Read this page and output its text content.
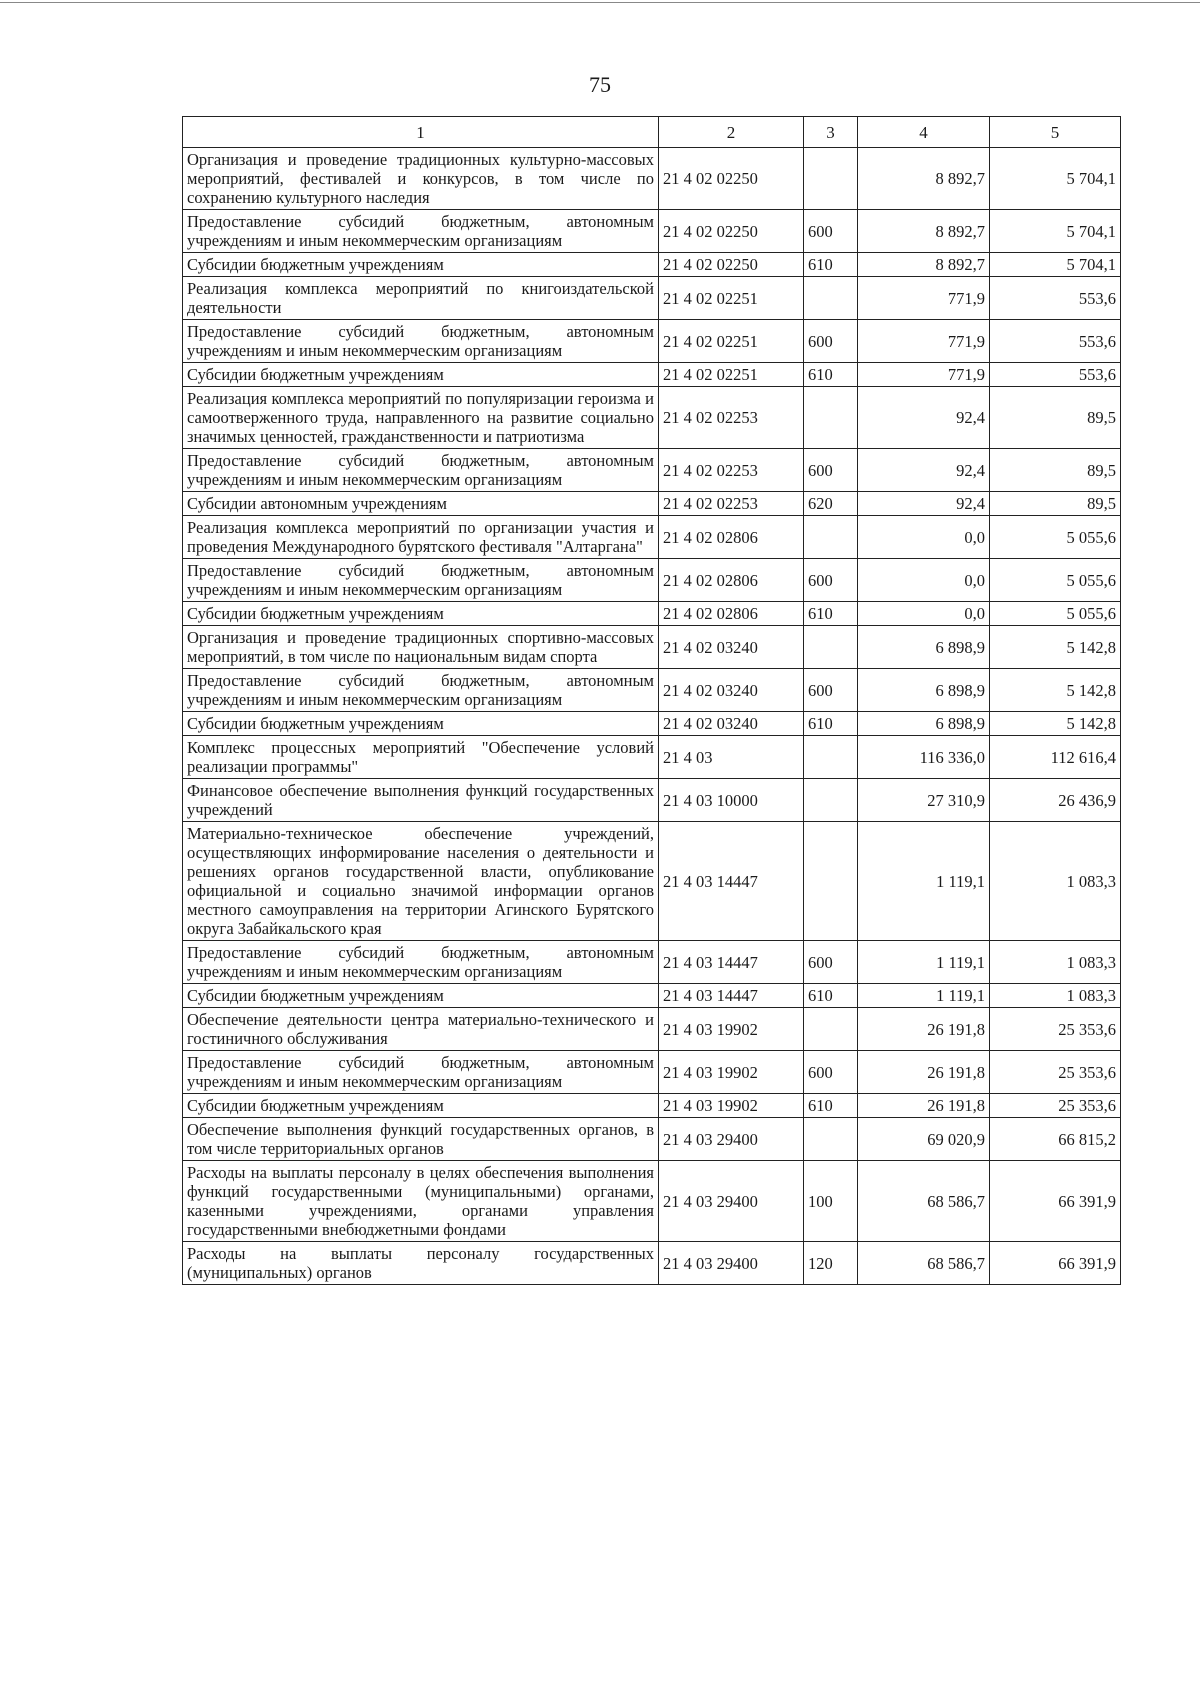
75
1	2	3	4	5
Организация и проведение традиционных культурно-массовых мероприятий, фестивалей и конкурсов, в том числе по сохранению культурного наследия	21 4 02 02250		8 892,7	5 704,1
Предоставление субсидий бюджетным, автономным учреждениям и иным некоммерческим организациям	21 4 02 02250	600	8 892,7	5 704,1
Субсидии бюджетным учреждениям	21 4 02 02250	610	8 892,7	5 704,1
Реализация комплекса мероприятий по книгоиздательской деятельности	21 4 02 02251		771,9	553,6
Предоставление субсидий бюджетным, автономным учреждениям и иным некоммерческим организациям	21 4 02 02251	600	771,9	553,6
Субсидии бюджетным учреждениям	21 4 02 02251	610	771,9	553,6
Реализация комплекса мероприятий по популяризации героизма и самоотверженного труда, направленного на развитие социально значимых ценностей, гражданственности и патриотизма	21 4 02 02253		92,4	89,5
Предоставление субсидий бюджетным, автономным учреждениям и иным некоммерческим организациям	21 4 02 02253	600	92,4	89,5
Субсидии автономным учреждениям	21 4 02 02253	620	92,4	89,5
Реализация комплекса мероприятий по организации участия и проведения Международного бурятского фестиваля "Алтаргана"	21 4 02 02806		0,0	5 055,6
Предоставление субсидий бюджетным, автономным учреждениям и иным некоммерческим организациям	21 4 02 02806	600	0,0	5 055,6
Субсидии бюджетным учреждениям	21 4 02 02806	610	0,0	5 055,6
Организация и проведение традиционных спортивно-массовых мероприятий, в том числе по национальным видам спорта	21 4 02 03240		6 898,9	5 142,8
Предоставление субсидий бюджетным, автономным учреждениям и иным некоммерческим организациям	21 4 02 03240	600	6 898,9	5 142,8
Субсидии бюджетным учреждениям	21 4 02 03240	610	6 898,9	5 142,8
Комплекс процессных мероприятий "Обеспечение условий реализации программы"	21 4 03		116 336,0	112 616,4
Финансовое обеспечение выполнения функций государственных учреждений	21 4 03 10000		27 310,9	26 436,9
Материально-техническое обеспечение учреждений, осуществляющих информирование населения о деятельности и решениях органов государственной власти, опубликование официальной и социально значимой информации органов местного самоуправления на территории Агинского Бурятского округа Забайкальского края	21 4 03 14447		1 119,1	1 083,3
Предоставление субсидий бюджетным, автономным учреждениям и иным некоммерческим организациям	21 4 03 14447	600	1 119,1	1 083,3
Субсидии бюджетным учреждениям	21 4 03 14447	610	1 119,1	1 083,3
Обеспечение деятельности центра материально-технического и гостиничного обслуживания	21 4 03 19902		26 191,8	25 353,6
Предоставление субсидий бюджетным, автономным учреждениям и иным некоммерческим организациям	21 4 03 19902	600	26 191,8	25 353,6
Субсидии бюджетным учреждениям	21 4 03 19902	610	26 191,8	25 353,6
Обеспечение выполнения функций государственных органов, в том числе территориальных органов	21 4 03 29400		69 020,9	66 815,2
Расходы на выплаты персоналу в целях обеспечения выполнения функций государственными (муниципальными) органами, казенными учреждениями, органами управления государственными внебюджетными фондами	21 4 03 29400	100	68 586,7	66 391,9
Расходы на выплаты персоналу государственных (муниципальных) органов	21 4 03 29400	120	68 586,7	66 391,9
